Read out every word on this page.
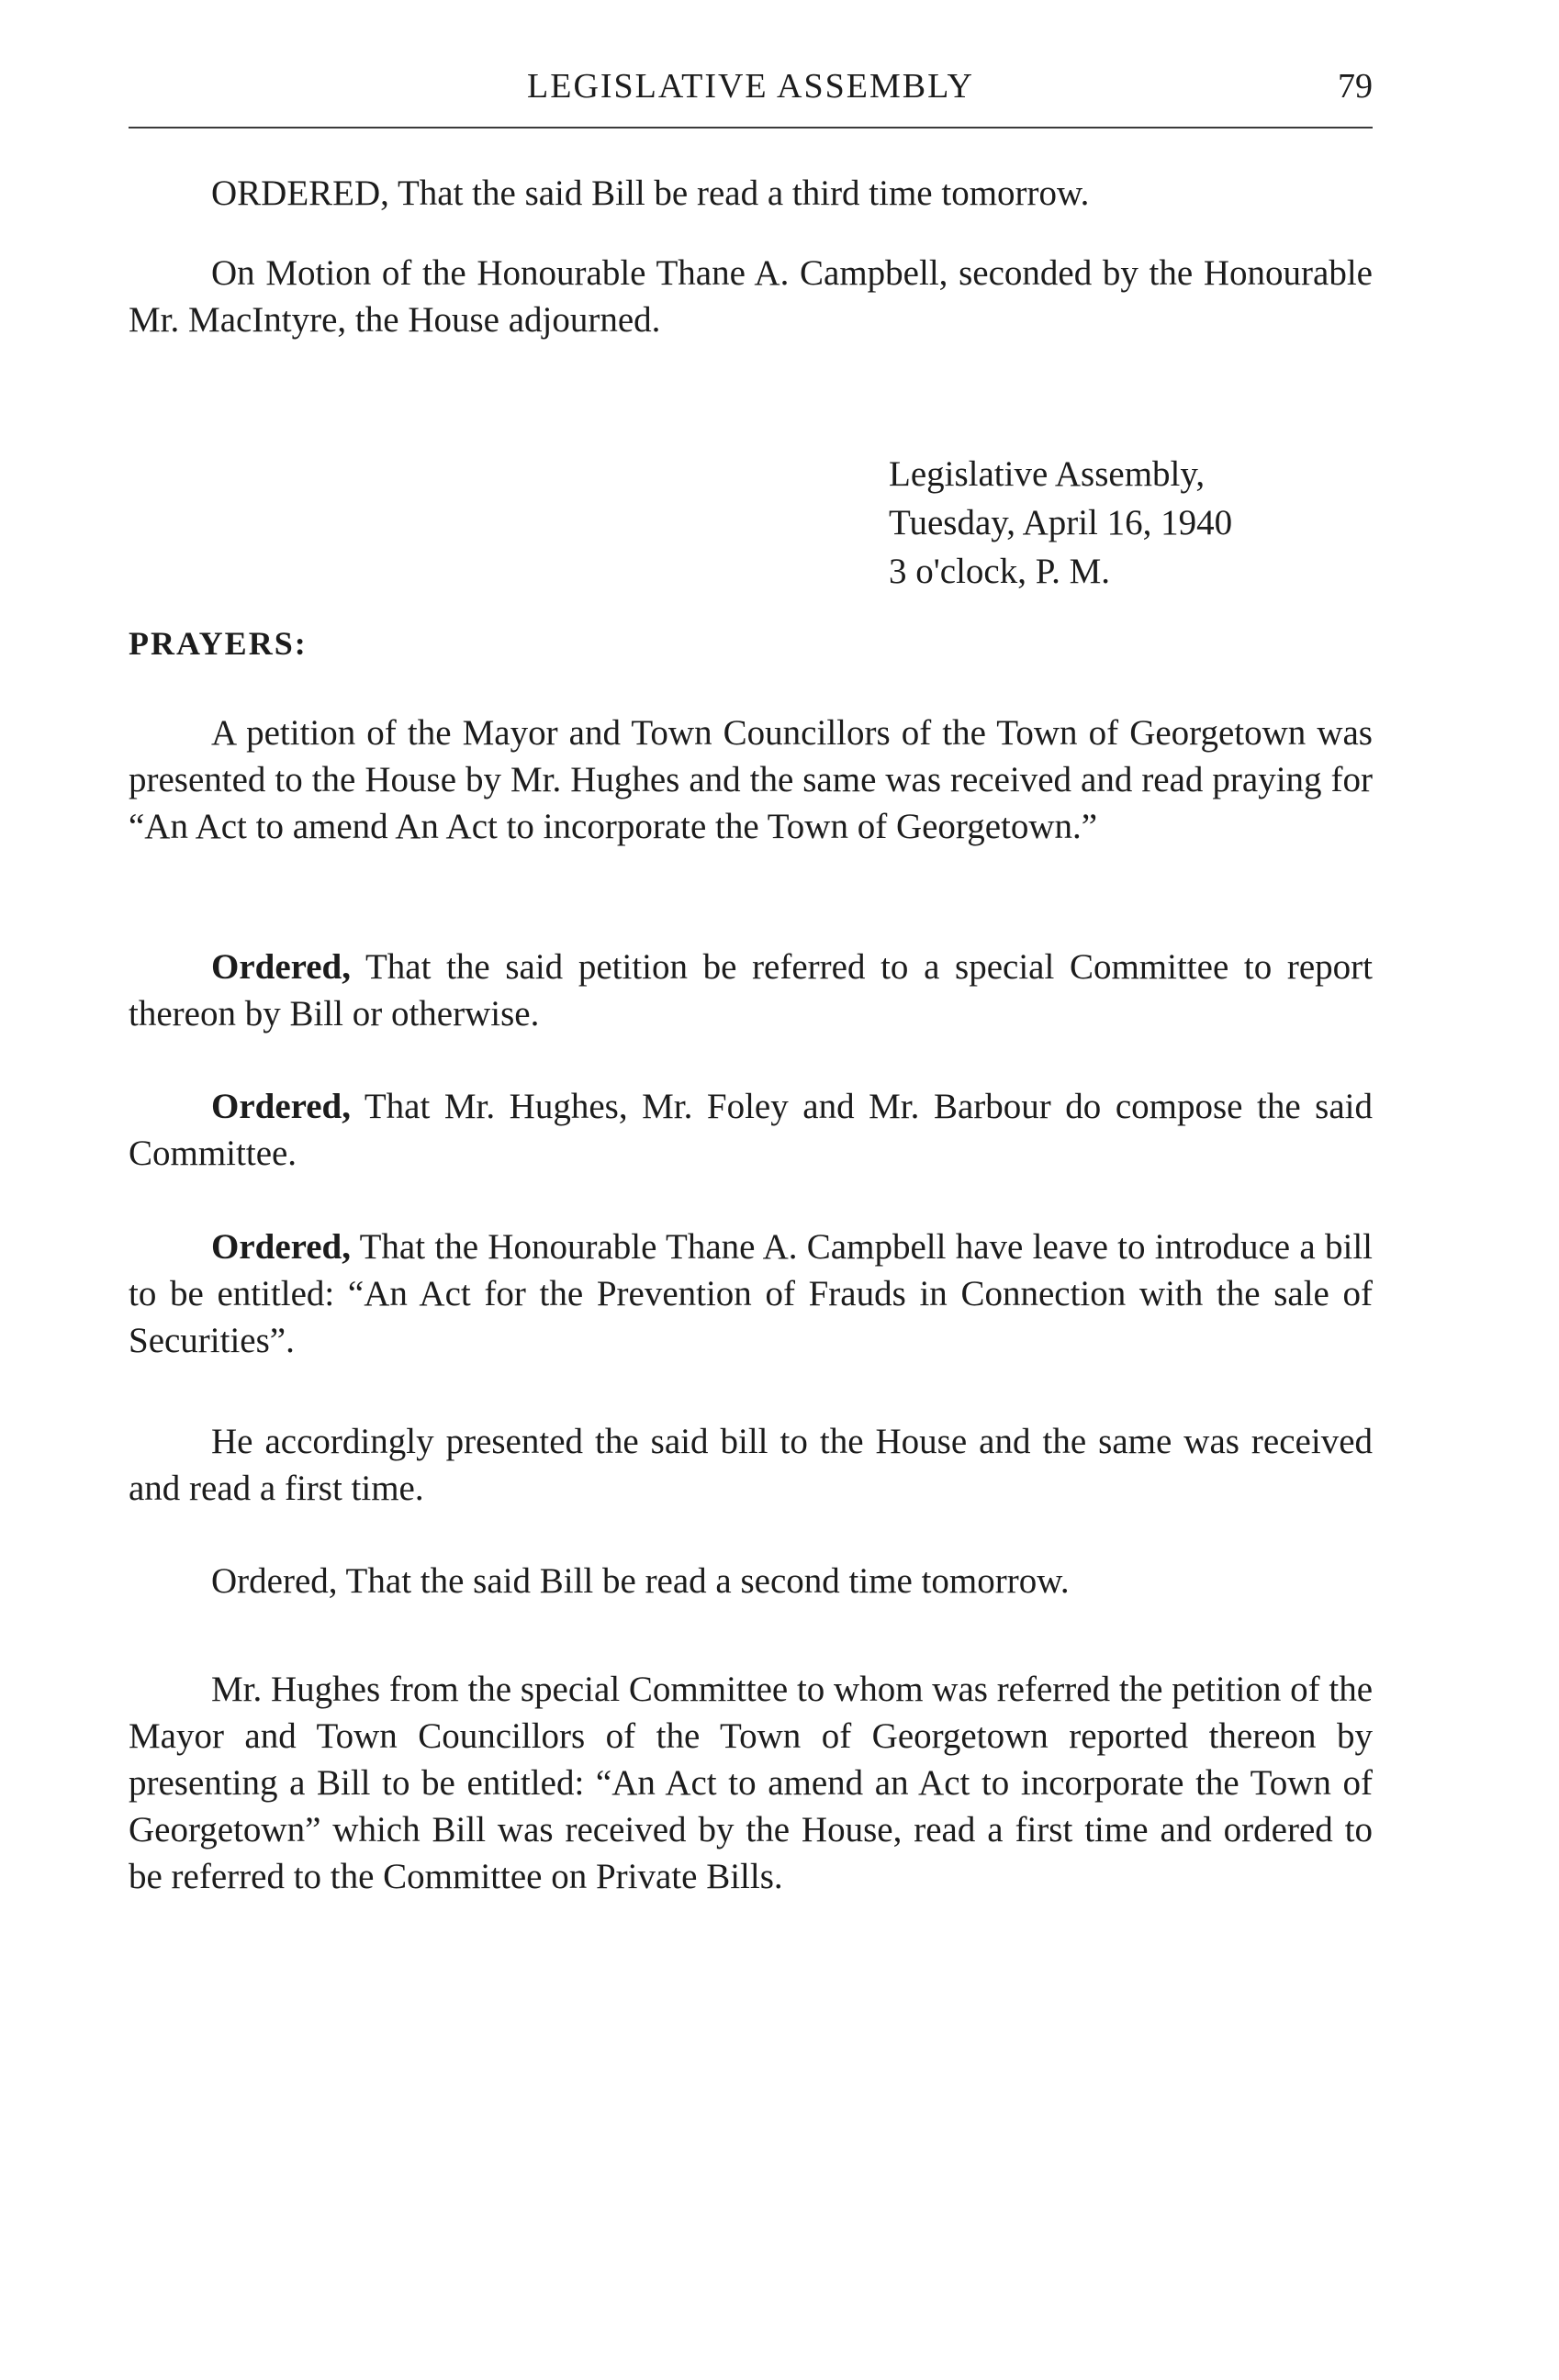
LEGISLATIVE ASSEMBLY	79

ORDERED, That the said Bill be read a third time tomorrow.

On Motion of the Honourable Thane A. Campbell, seconded by the Honourable Mr. MacIntyre, the House adjourned.

Legislative Assembly,
Tuesday, April 16, 1940
3 o'clock, P. M.
PRAYERS:

A petition of the Mayor and Town Councillors of the Town of Georgetown was presented to the House by Mr. Hughes and the same was received and read praying for “An Act to amend An Act to incorporate the Town of Georgetown.”

Ordered, That the said petition be referred to a special Committee to report thereon by Bill or otherwise.

Ordered, That Mr. Hughes, Mr. Foley and Mr. Barbour do compose the said Committee.

Ordered, That the Honourable Thane A. Campbell have leave to introduce a bill to be entitled: “An Act for the Prevention of Frauds in Connection with the sale of Securities”.

He accordingly presented the said bill to the House and the same was received and read a first time.

Ordered, That the said Bill be read a second time tomorrow.

Mr. Hughes from the special Committee to whom was referred the petition of the Mayor and Town Councillors of the Town of Georgetown reported thereon by presenting a Bill to be entitled: “An Act to amend an Act to incorporate the Town of Georgetown” which Bill was received by the House, read a first time and ordered to be referred to the Committee on Private Bills.
